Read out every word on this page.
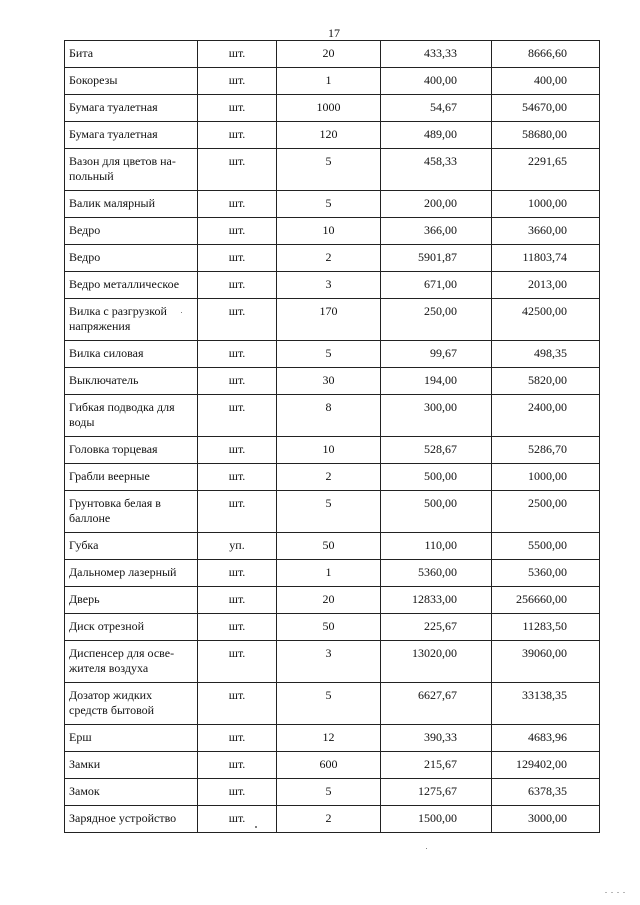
17
Бита	шт.	20	433,33	8666,60
Бокорезы	шт.	1	400,00	400,00
Бумага туалетная	шт.	1000	54,67	54670,00
Бумага туалетная	шт.	120	489,00	58680,00
Вазон для цветов на-
польный	шт.	5	458,33	2291,65
Валик малярный	шт.	5	200,00	1000,00
Ведро	шт.	10	366,00	3660,00
Ведро	шт.	2	5901,87	11803,74
Ведро металлическое	шт.	3	671,00	2013,00
Вилка с разгрузкой
напряжения	шт.	170	250,00	42500,00
Вилка силовая	шт.	5	99,67	498,35
Выключатель	шт.	30	194,00	5820,00
Гибкая подводка для
воды	шт.	8	300,00	2400,00
Головка торцевая	шт.	10	528,67	5286,70
Грабли веерные	шт.	2	500,00	1000,00
Грунтовка белая в
баллоне	шт.	5	500,00	2500,00
Губка	уп.	50	110,00	5500,00
Дальномер лазерный	шт.	1	5360,00	5360,00
Дверь	шт.	20	12833,00	256660,00
Диск отрезной	шт.	50	225,67	11283,50
Диспенсер для осве-
жителя воздуха	шт.	3	13020,00	39060,00
Дозатор жидких
средств бытовой	шт.	5	6627,67	33138,35
Ерш	шт.	12	390,33	4683,96
Замки	шт.	600	215,67	129402,00
Замок	шт.	5	1275,67	6378,35
Зарядное устройство	шт.	2	1500,00	3000,00
. . . .
